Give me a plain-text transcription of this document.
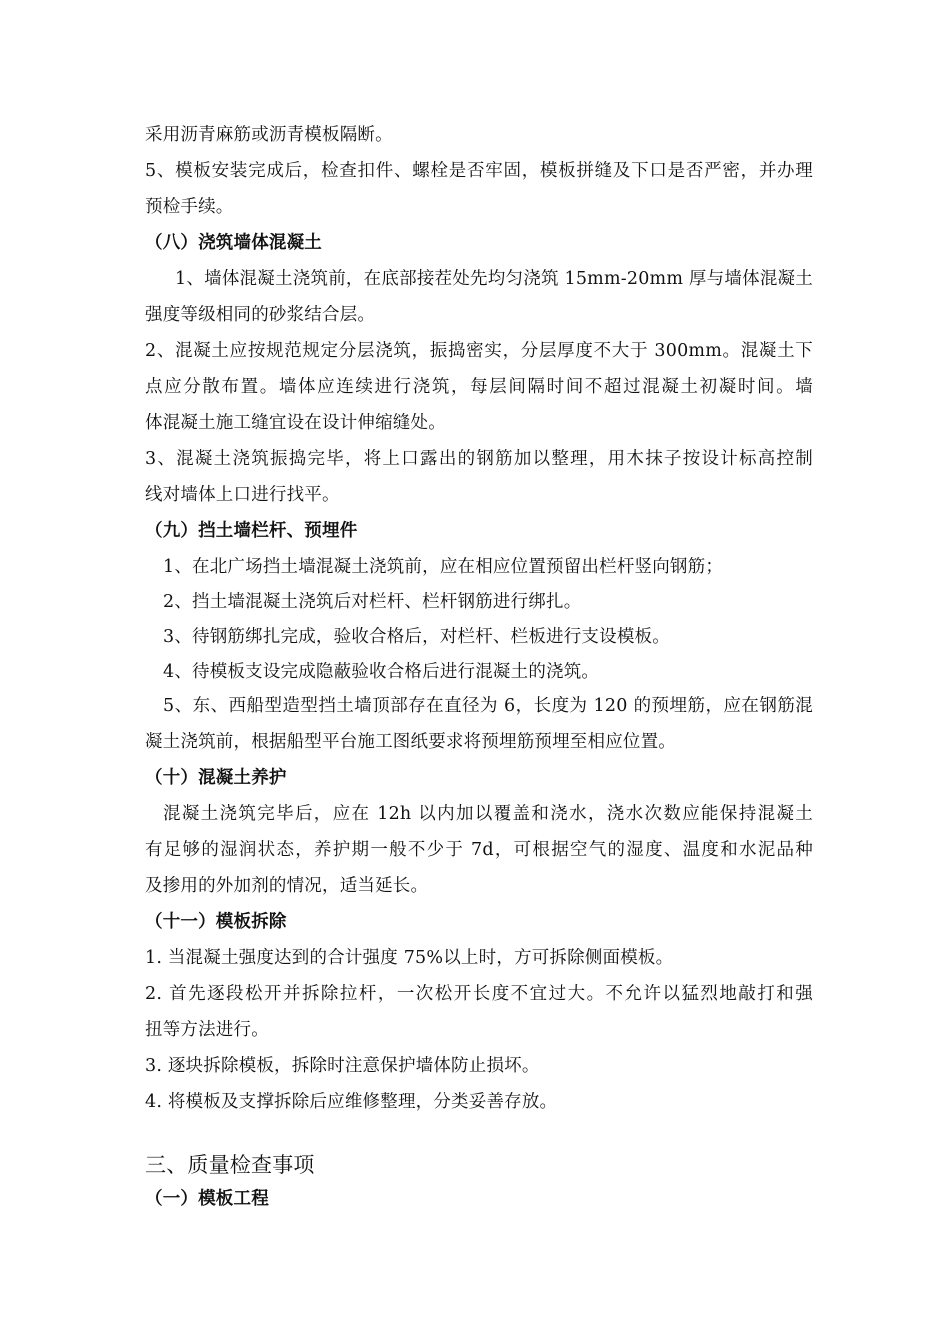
采用沥青麻筋或沥青模板隔断。
5、模板安装完成后，检查扣件、螺栓是否牢固，模板拼缝及下口是否严密，并办理
预检手续。
（八）浇筑墙体混凝土
1、墙体混凝土浇筑前，在底部接茬处先均匀浇筑 15mm-20mm 厚与墙体混凝土
强度等级相同的砂浆结合层。
2、混凝土应按规范规定分层浇筑，振捣密实，分层厚度不大于 300mm。混凝土下
点应分散布置。墙体应连续进行浇筑，每层间隔时间不超过混凝土初凝时间。墙
体混凝土施工缝宜设在设计伸缩缝处。
3、混凝土浇筑振捣完毕，将上口露出的钢筋加以整理，用木抹子按设计标高控制
线对墙体上口进行找平。
（九）挡土墙栏杆、预埋件
1、在北广场挡土墙混凝土浇筑前，应在相应位置预留出栏杆竖向钢筋；
2、挡土墙混凝土浇筑后对栏杆、栏杆钢筋进行绑扎。
3、待钢筋绑扎完成，验收合格后，对栏杆、栏板进行支设模板。
4、待模板支设完成隐蔽验收合格后进行混凝土的浇筑。
5、东、西船型造型挡土墙顶部存在直径为 6，长度为 120 的预埋筋，应在钢筋混
凝土浇筑前，根据船型平台施工图纸要求将预埋筋预埋至相应位置。
（十）混凝土养护
混凝土浇筑完毕后，应在 12h 以内加以覆盖和浇水，浇水次数应能保持混凝土
有足够的湿润状态，养护期一般不少于 7d，可根据空气的湿度、温度和水泥品种
及掺用的外加剂的情况，适当延长。
（十一）模板拆除
1. 当混凝土强度达到的合计强度 75%以上时，方可拆除侧面模板。
2. 首先逐段松开并拆除拉杆，一次松开长度不宜过大。不允许以猛烈地敲打和强
扭等方法进行。
3. 逐块拆除模板，拆除时注意保护墙体防止损坏。
4. 将模板及支撑拆除后应维修整理，分类妥善存放。
三、质量检查事项
（一）模板工程
